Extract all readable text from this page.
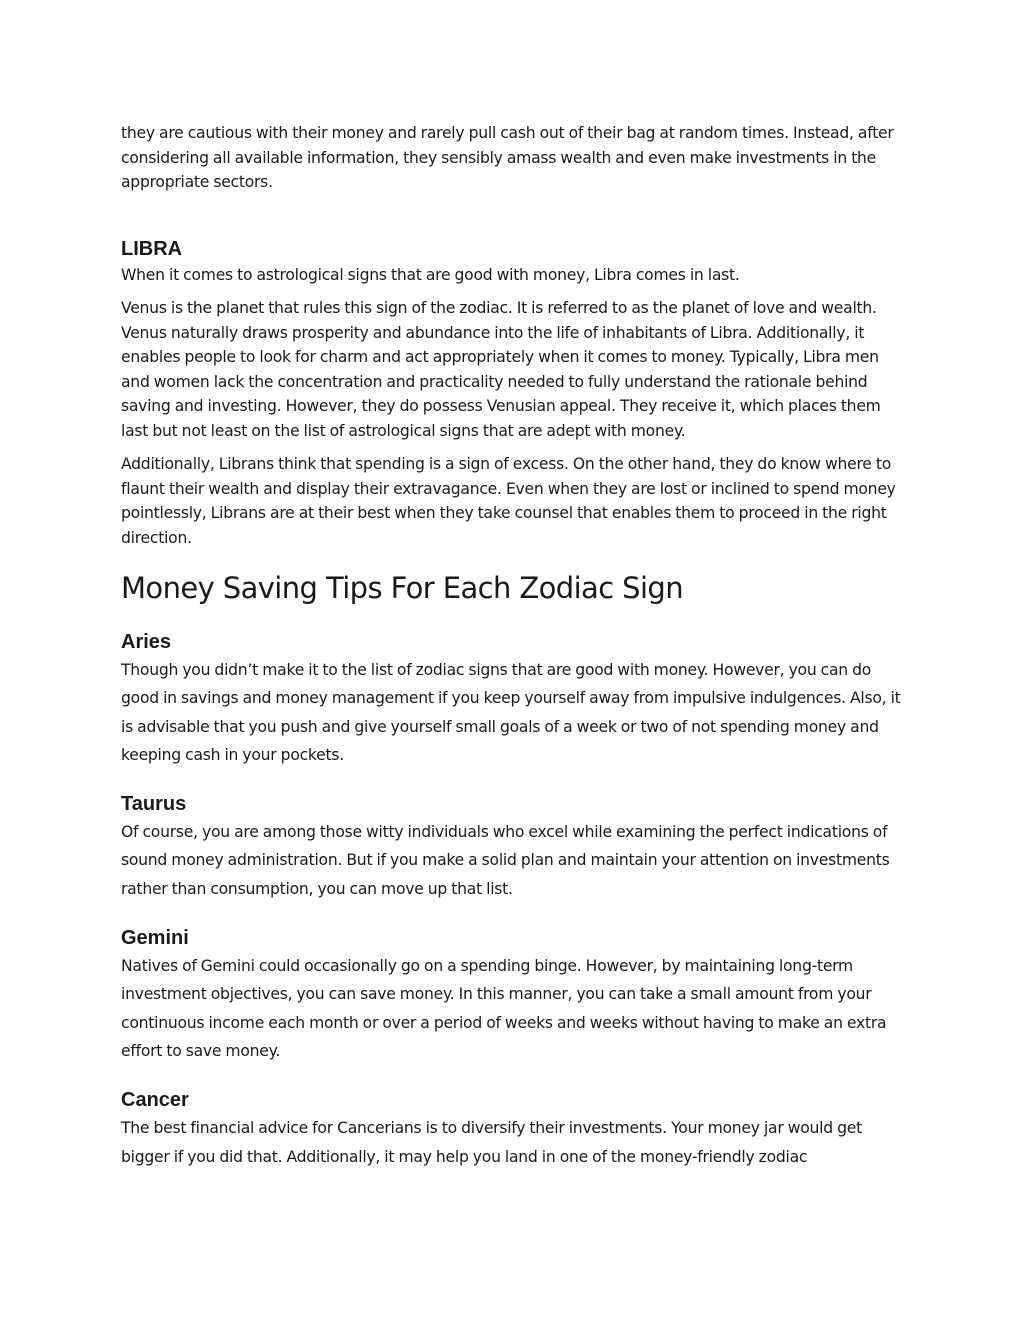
they are cautious with their money and rarely pull cash out of their bag at random times. Instead, after considering all available information, they sensibly amass wealth and even make investments in the appropriate sectors.

LIBRA

When it comes to astrological signs that are good with money, Libra comes in last.

Venus is the planet that rules this sign of the zodiac. It is referred to as the planet of love and wealth. Venus naturally draws prosperity and abundance into the life of inhabitants of Libra. Additionally, it enables people to look for charm and act appropriately when it comes to money. Typically, Libra men and women lack the concentration and practicality needed to fully understand the rationale behind saving and investing. However, they do possess Venusian appeal. They receive it, which places them last but not least on the list of astrological signs that are adept with money.

Additionally, Librans think that spending is a sign of excess. On the other hand, they do know where to flaunt their wealth and display their extravagance. Even when they are lost or inclined to spend money pointlessly, Librans are at their best when they take counsel that enables them to proceed in the right direction.

Money Saving Tips For Each Zodiac Sign
Aries

Though you didn’t make it to the list of zodiac signs that are good with money. However, you can do good in savings and money management if you keep yourself away from impulsive indulgences. Also, it is advisable that you push and give yourself small goals of a week or two of not spending money and keeping cash in your pockets.

Taurus

Of course, you are among those witty individuals who excel while examining the perfect indications of sound money administration. But if you make a solid plan and maintain your attention on investments rather than consumption, you can move up that list.

Gemini

Natives of Gemini could occasionally go on a spending binge. However, by maintaining long-term investment objectives, you can save money. In this manner, you can take a small amount from your continuous income each month or over a period of weeks and weeks without having to make an extra effort to save money.

Cancer

The best financial advice for Cancerians is to diversify their investments. Your money jar would get bigger if you did that. Additionally, it may help you land in one of the money-friendly zodiac
